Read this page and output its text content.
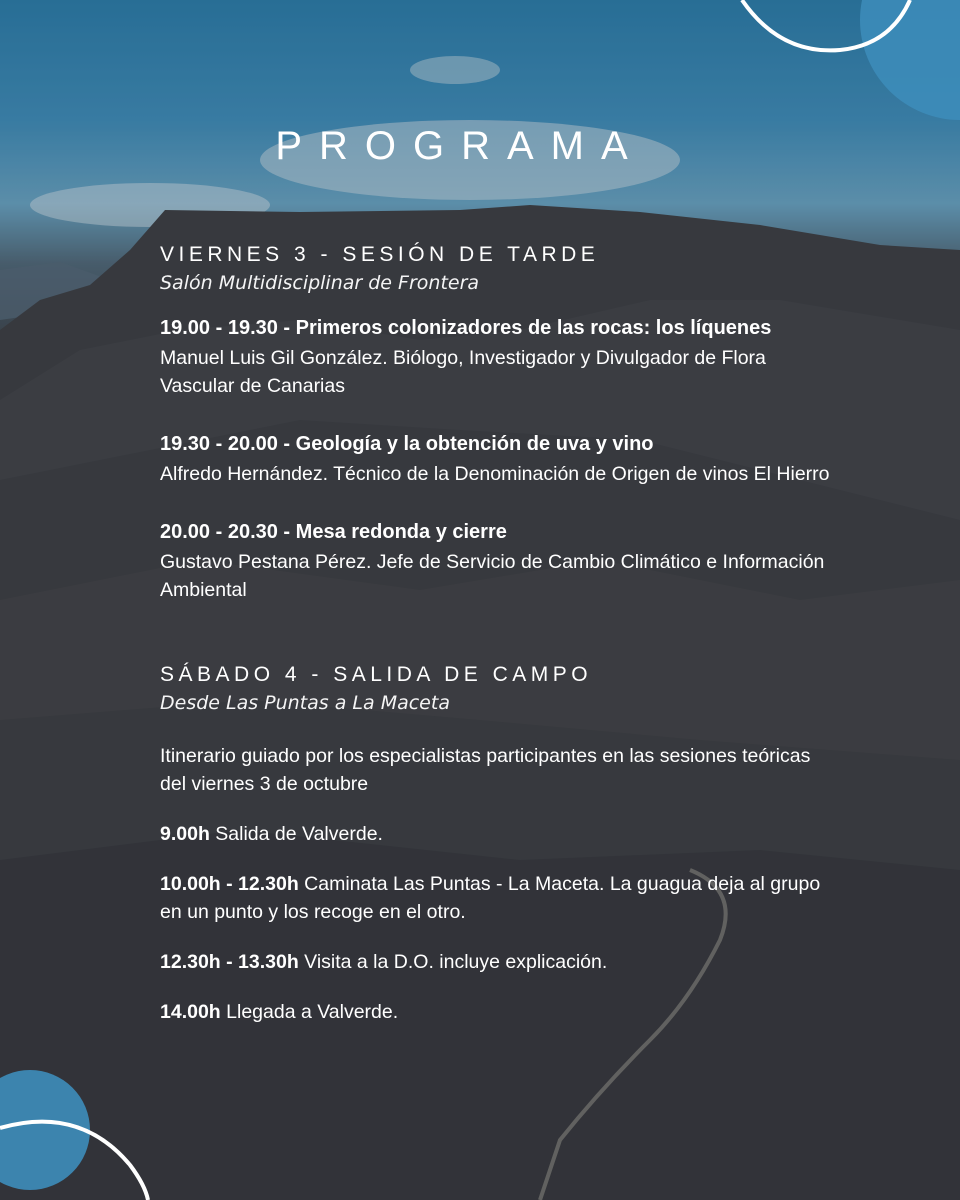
PROGRAMA

VIERNES 3 - SESIÓN DE TARDE

Salón Multidisciplinar de Frontera

19.00 - 19.30 - Primeros colonizadores de las rocas: los líquenes

Manuel Luis Gil González. Biólogo, Investigador y Divulgador de Flora Vascular de Canarias

19.30 - 20.00 - Geología y la obtención de uva y vino

Alfredo Hernández. Técnico de la Denominación de Origen de vinos El Hierro

20.00 - 20.30 - Mesa redonda y cierre

Gustavo Pestana Pérez. Jefe de Servicio de Cambio Climático e Información Ambiental

SÁBADO 4 - SALIDA DE CAMPO

Desde Las Puntas a La Maceta

Itinerario guiado por los especialistas participantes en las sesiones teóricas del viernes 3 de octubre

9.00h Salida de Valverde.

10.00h - 12.30h Caminata Las Puntas - La Maceta. La guagua deja al grupo en un punto y los recoge en el otro.

12.30h - 13.30h Visita a la D.O. incluye explicación.

14.00h Llegada a Valverde.
